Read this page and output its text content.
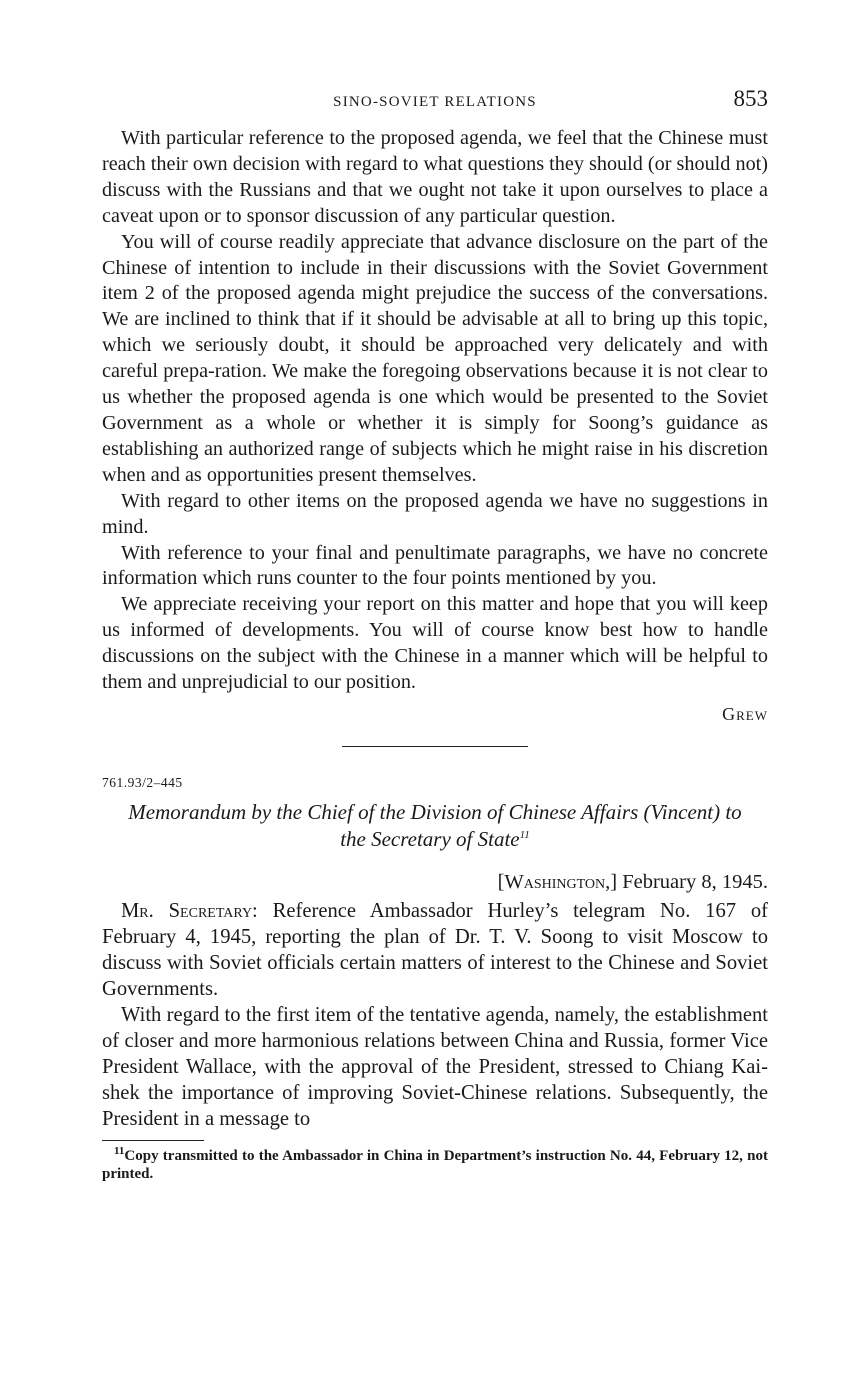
SINO-SOVIET RELATIONS	853

With particular reference to the proposed agenda, we feel that the Chinese must reach their own decision with regard to what questions they should (or should not) discuss with the Russians and that we ought not take it upon ourselves to place a caveat upon or to sponsor discussion of any particular question.

You will of course readily appreciate that advance disclosure on the part of the Chinese of intention to include in their discussions with the Soviet Government item 2 of the proposed agenda might prejudice the success of the conversations. We are inclined to think that if it should be advisable at all to bring up this topic, which we seriously doubt, it should be approached very delicately and with careful prepa-ration. We make the foregoing observations because it is not clear to us whether the proposed agenda is one which would be presented to the Soviet Government as a whole or whether it is simply for Soong’s guidance as establishing an authorized range of subjects which he might raise in his discretion when and as opportunities present themselves.

With regard to other items on the proposed agenda we have no suggestions in mind.

With reference to your final and penultimate paragraphs, we have no concrete information which runs counter to the four points mentioned by you.

We appreciate receiving your report on this matter and hope that you will keep us informed of developments. You will of course know best how to handle discussions on the subject with the Chinese in a manner which will be helpful to them and unprejudicial to our position.

Grew
761.93/2–445
Memorandum by the Chief of the Division of Chinese Affairs (Vincent) to the Secretary of State$^{11}$
[Washington,] February 8, 1945.

Mr. Secretary: Reference Ambassador Hurley’s telegram No. 167 of February 4, 1945, reporting the plan of Dr. T. V. Soong to visit Moscow to discuss with Soviet officials certain matters of interest to the Chinese and Soviet Governments.

With regard to the first item of the tentative agenda, namely, the establishment of closer and more harmonious relations between China and Russia, former Vice President Wallace, with the approval of the President, stressed to Chiang Kai-shek the importance of improving Soviet-Chinese relations. Subsequently, the President in a message to

$^{11}$Copy transmitted to the Ambassador in China in Department’s instruction No. 44, February 12, not printed.
